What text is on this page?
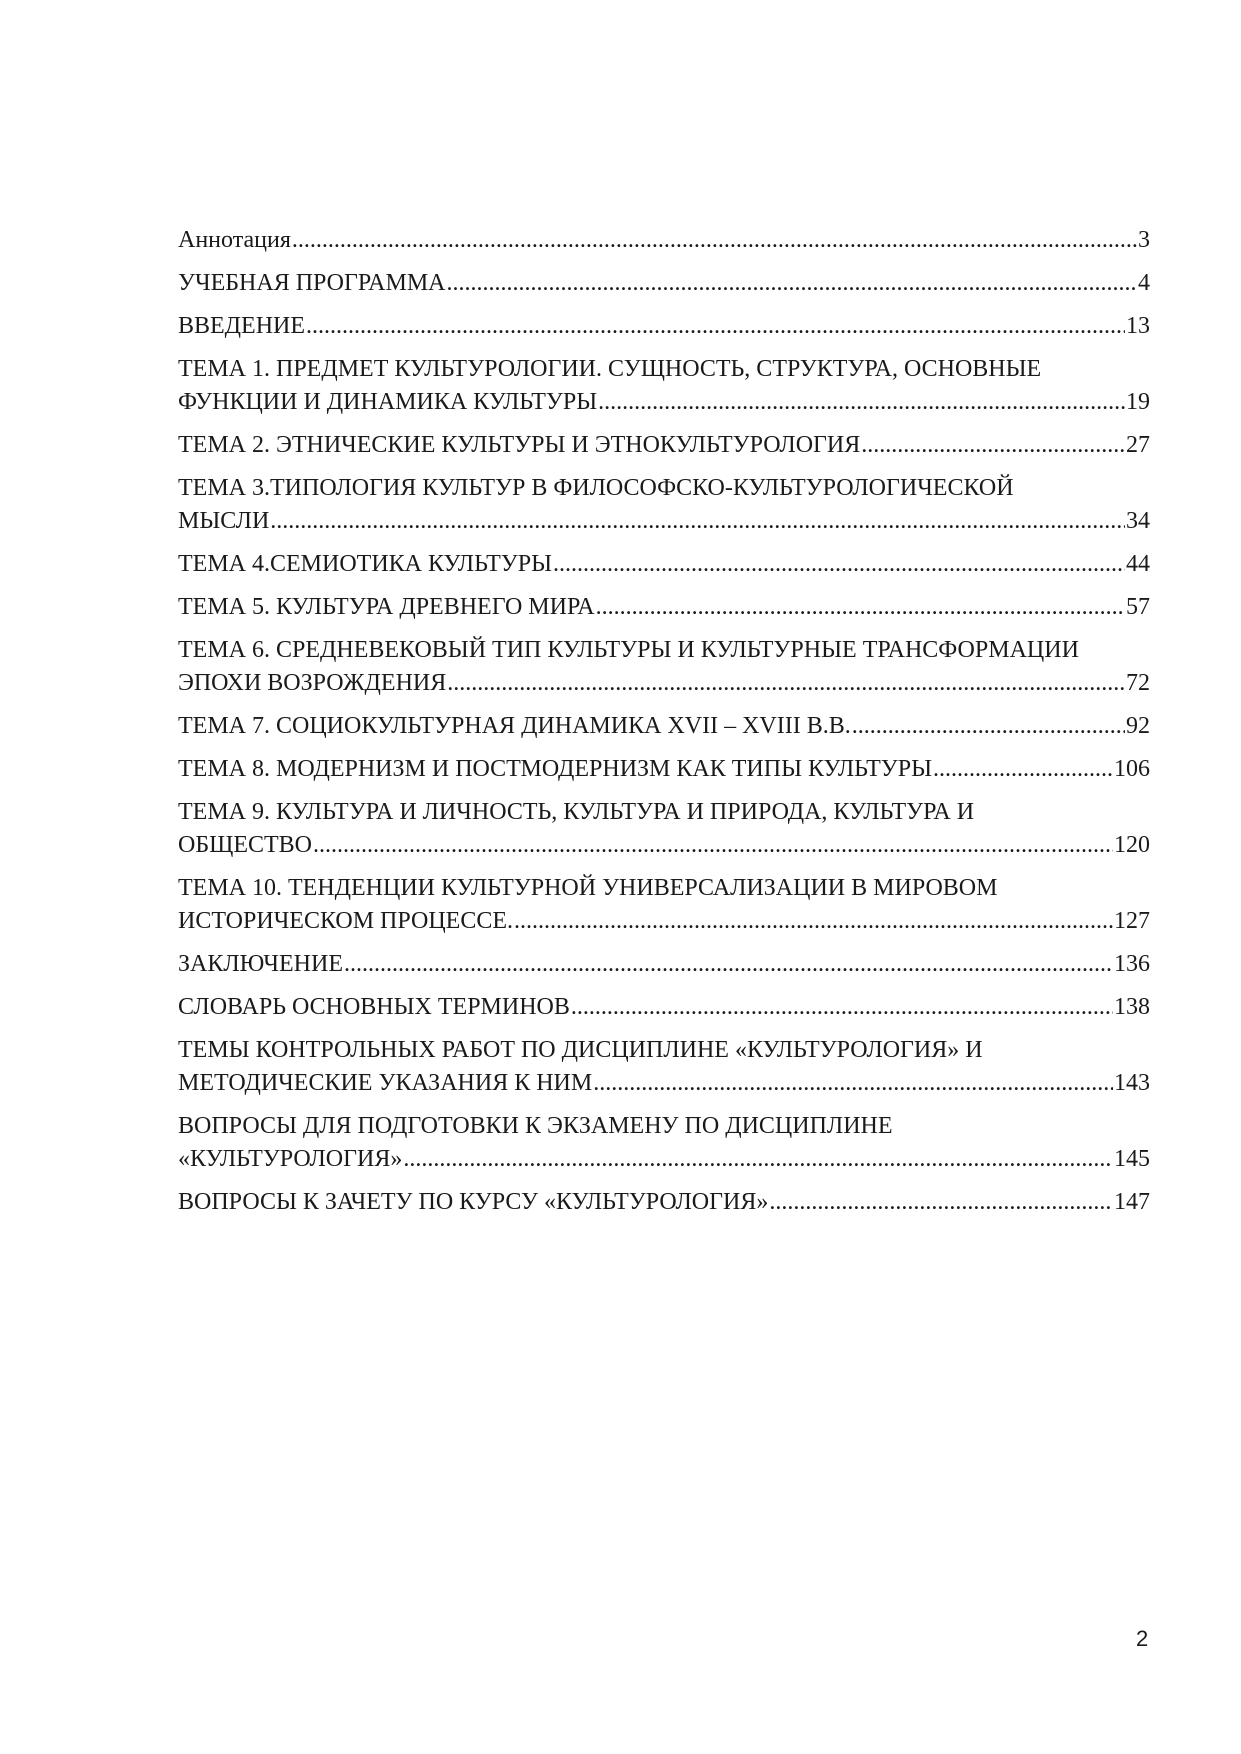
Аннотация .....	3
УЧЕБНАЯ ПРОГРАММА .....	4
ВВЕДЕНИЕ .....	13
ТЕМА 1. ПРЕДМЕТ КУЛЬТУРОЛОГИИ. СУЩНОСТЬ, СТРУКТУРА, ОСНОВНЫЕ
ФУНКЦИИ И ДИНАМИКА КУЛЬТУРЫ .....	19
ТЕМА 2. ЭТНИЧЕСКИЕ КУЛЬТУРЫ И ЭТНОКУЛЬТУРОЛОГИЯ .....	27
ТЕМА 3.ТИПОЛОГИЯ КУЛЬТУР В ФИЛОСОФСКО-КУЛЬТУРОЛОГИЧЕСКОЙ
МЫСЛИ .....	34
ТЕМА 4.СЕМИОТИКА КУЛЬТУРЫ .....	44
ТЕМА 5. КУЛЬТУРА ДРЕВНЕГО МИРА .....	57
ТЕМА 6. СРЕДНЕВЕКОВЫЙ ТИП КУЛЬТУРЫ И КУЛЬТУРНЫЕ ТРАНСФОРМАЦИИ
ЭПОХИ ВОЗРОЖДЕНИЯ .....	72
ТЕМА 7. СОЦИОКУЛЬТУРНАЯ ДИНАМИКА XVII – XVIII В.В. .....	92
ТЕМА 8. МОДЕРНИЗМ И ПОСТМОДЕРНИЗМ КАК ТИПЫ КУЛЬТУРЫ .....	106
ТЕМА 9. КУЛЬТУРА И ЛИЧНОСТЬ, КУЛЬТУРА И ПРИРОДА, КУЛЬТУРА И
ОБЩЕСТВО .....	120
ТЕМА 10. ТЕНДЕНЦИИ КУЛЬТУРНОЙ УНИВЕРСАЛИЗАЦИИ В МИРОВОМ
ИСТОРИЧЕСКОМ ПРОЦЕССЕ. .....	127
ЗАКЛЮЧЕНИЕ .....	136
СЛОВАРЬ ОСНОВНЫХ ТЕРМИНОВ .....	138
ТЕМЫ КОНТРОЛЬНЫХ РАБОТ ПО ДИСЦИПЛИНЕ «КУЛЬТУРОЛОГИЯ» И
МЕТОДИЧЕСКИЕ УКАЗАНИЯ К НИМ .....	143
ВОПРОСЫ ДЛЯ ПОДГОТОВКИ К ЭКЗАМЕНУ ПО ДИСЦИПЛИНЕ
«КУЛЬТУРОЛОГИЯ» .....	145
ВОПРОСЫ К ЗАЧЕТУ ПО КУРСУ «КУЛЬТУРОЛОГИЯ» .....	147
2
